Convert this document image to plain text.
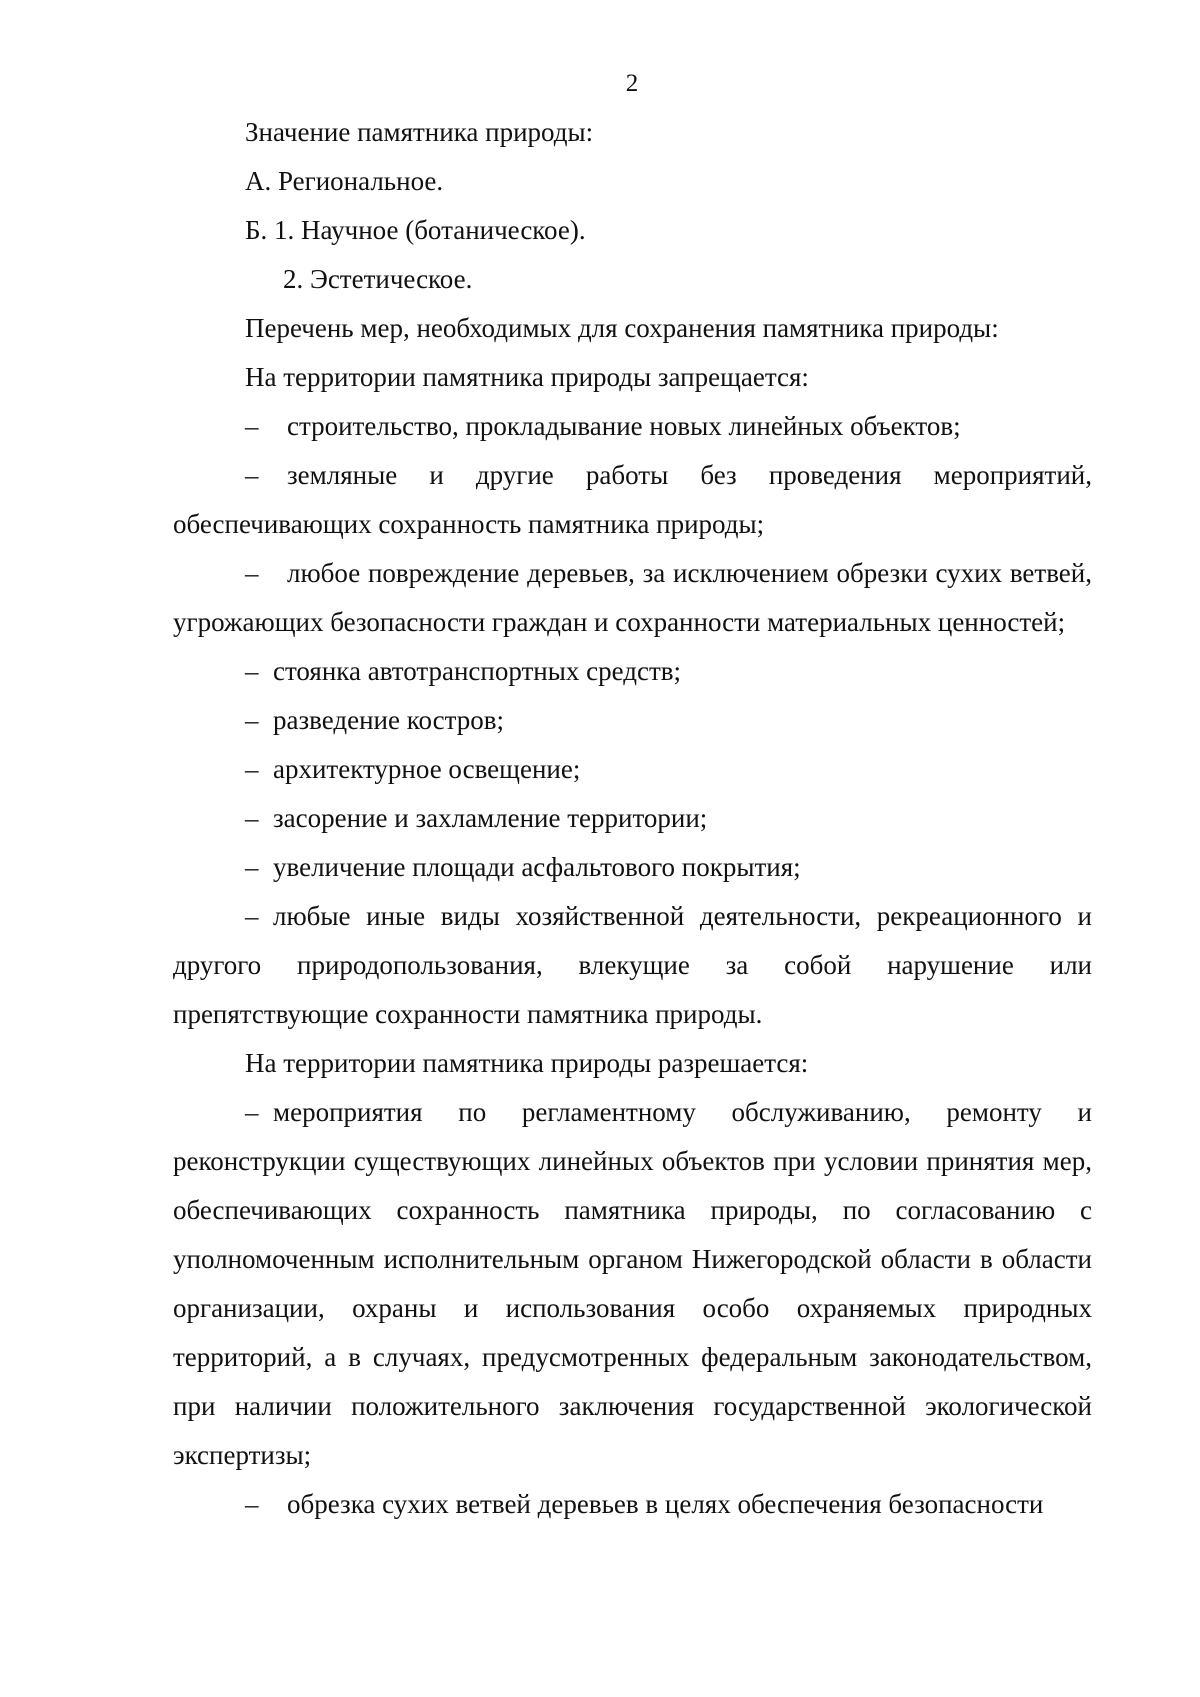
2

Значение памятника природы:

А. Региональное.

Б. 1. Научное (ботаническое).

2. Эстетическое.

Перечень мер, необходимых для сохранения памятника природы:

На территории памятника природы запрещается:

– строительство, прокладывание новых линейных объектов;

– земляные и другие работы без проведения мероприятий, обеспечивающих сохранность памятника природы;

– любое повреждение деревьев, за исключением обрезки сухих ветвей, угрожающих безопасности граждан и сохранности материальных ценностей;

– стоянка автотранспортных средств;

– разведение костров;

– архитектурное освещение;

– засорение и захламление территории;

– увеличение площади асфальтового покрытия;

– любые иные виды хозяйственной деятельности, рекреационного и другого природопользования, влекущие за собой нарушение или препятствующие сохранности памятника природы.

На территории памятника природы разрешается:

– мероприятия по регламентному обслуживанию, ремонту и реконструкции существующих линейных объектов при условии принятия мер, обеспечивающих сохранность памятника природы, по согласованию с уполномоченным исполнительным органом Нижегородской области в области организации, охраны и использования особо охраняемых природных территорий, а в случаях, предусмотренных федеральным законодательством, при наличии положительного заключения государственной экологической экспертизы;

– обрезка сухих ветвей деревьев в целях обеспечения безопасности
